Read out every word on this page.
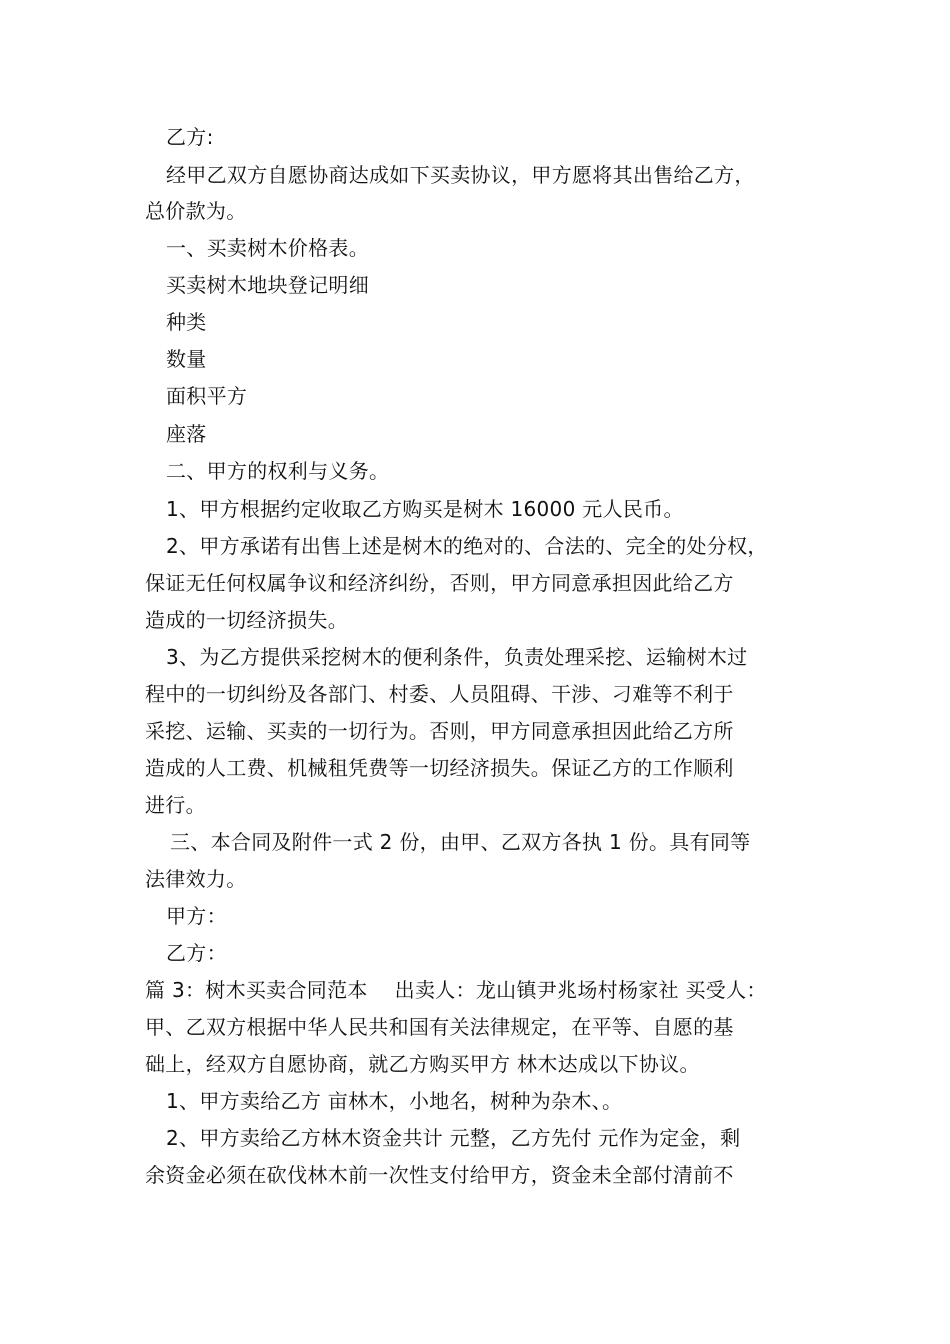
乙方:
经甲乙双方自愿协商达成如下买卖协议，甲方愿将其出售给乙方，
总价款为。
一、买卖树木价格表。
买卖树木地块登记明细
种类
数量
面积平方
座落
二、甲方的权利与义务。
1、甲方根据约定收取乙方购买是树木 16000 元人民币。
2、甲方承诺有出售上述是树木的绝对的、合法的、完全的处分权，
保证无任何权属争议和经济纠纷，否则，甲方同意承担因此给乙方
造成的一切经济损失。
3、为乙方提供采挖树木的便利条件，负责处理采挖、运输树木过
程中的一切纠纷及各部门、村委、人员阻碍、干涉、刁难等不利于
采挖、运输、买卖的一切行为。否则，甲方同意承担因此给乙方所
造成的人工费、机械租凭费等一切经济损失。保证乙方的工作顺利
进行。
三、本合同及附件一式 2 份，由甲、乙双方各执 1 份。具有同等
法律效力。
甲方：
乙方：
篇 3：树木买卖合同范本　 出卖人：龙山镇尹兆场村杨家社 买受人：
甲、乙双方根据中华人民共和国有关法律规定，在平等、自愿的基
础上，经双方自愿协商，就乙方购买甲方 林木达成以下协议。
1、甲方卖给乙方 亩林木，小地名，树种为杂木、。
2、甲方卖给乙方林木资金共计 元整，乙方先付 元作为定金，剩
余资金必须在砍伐林木前一次性支付给甲方，资金未全部付清前不
